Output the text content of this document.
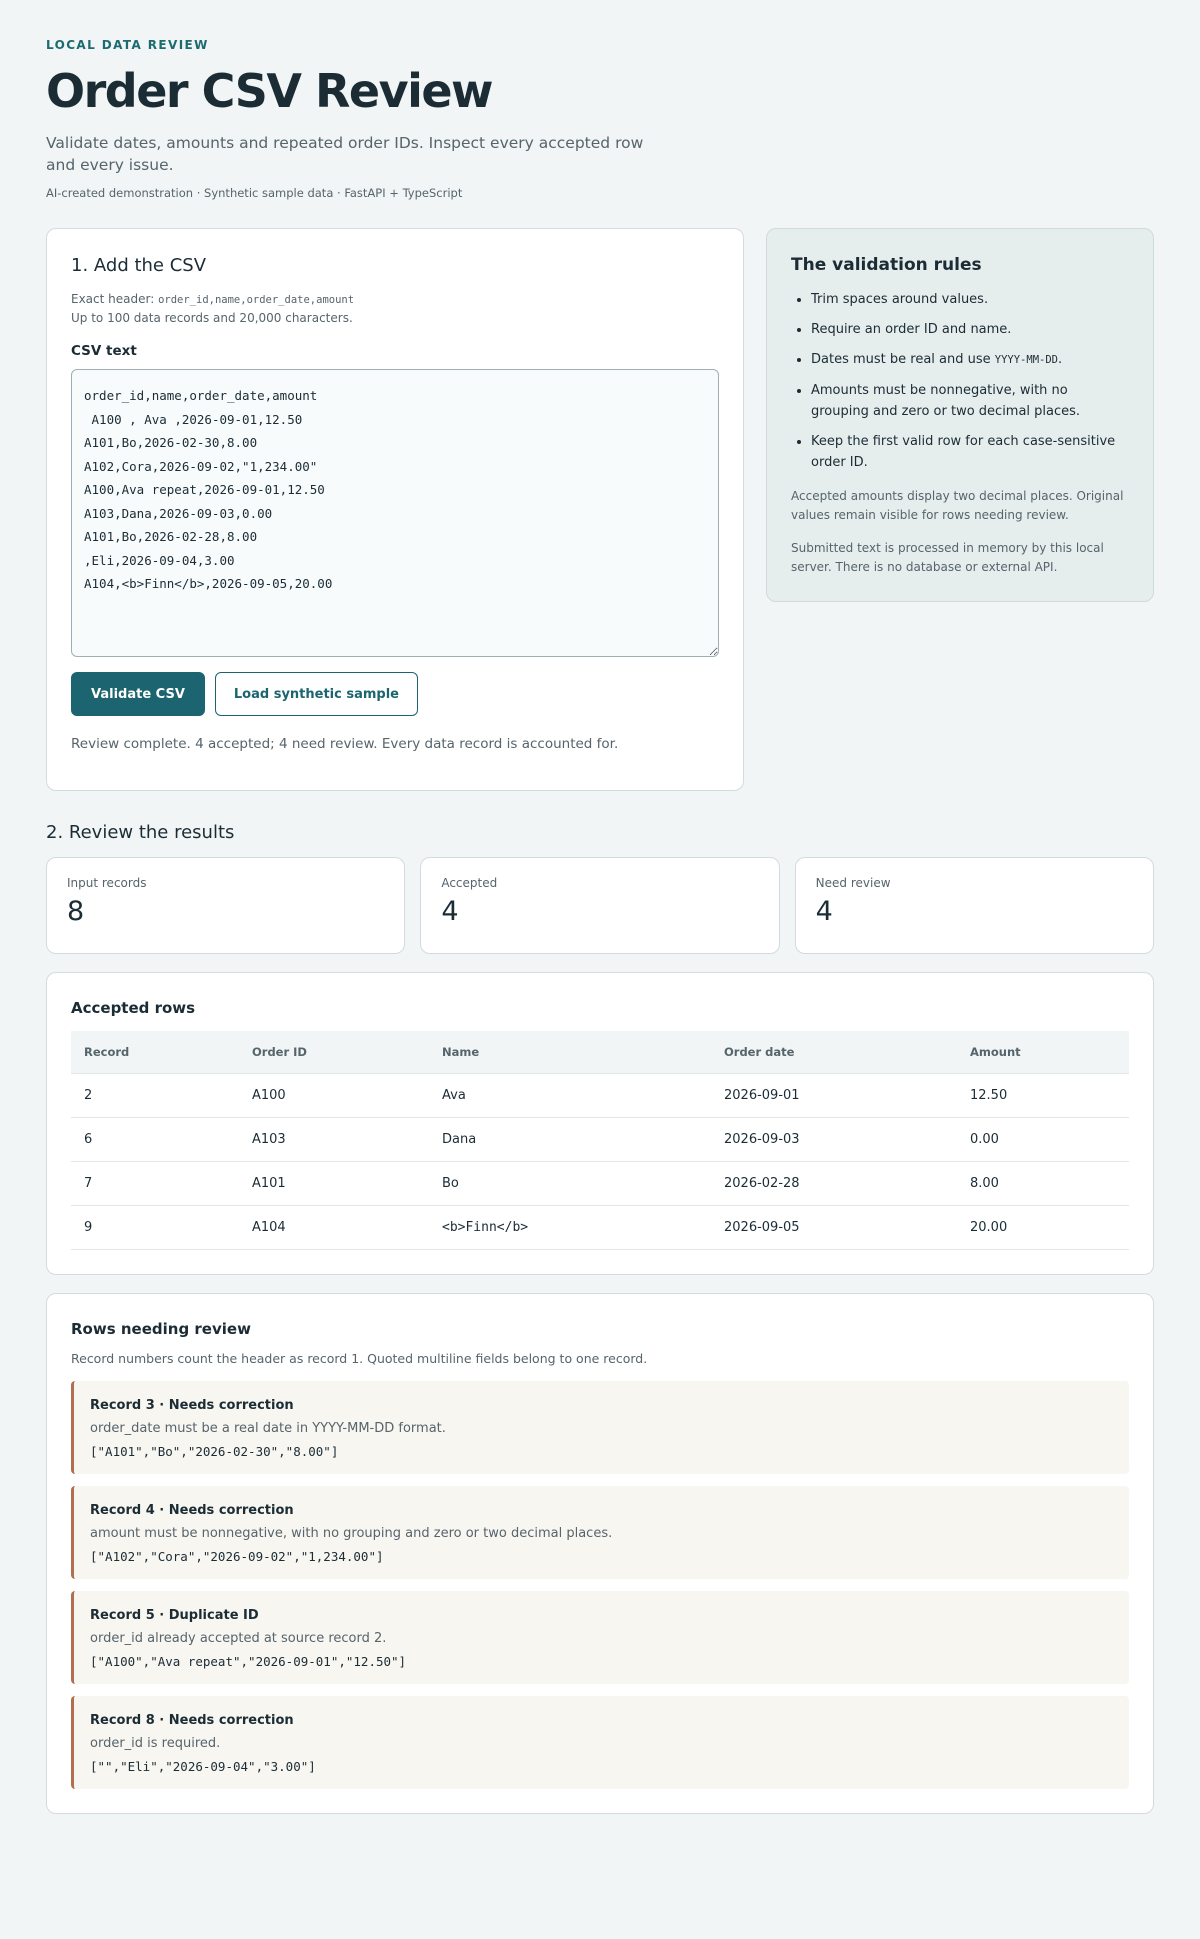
LOCAL DATA REVIEW
Order CSV Review

Validate dates, amounts and repeated order IDs. Inspect every accepted row and every issue.

AI-created demonstration · Synthetic sample data · FastAPI + TypeScript

1. Add the CSV

Exact header: order_id,name,order_date,amount
Up to 100 data records and 20,000 characters.

CSV text
order_id,name,order_date,amount A100 , Ava ,2026-09-01,12.50 A101,Bo,2026-02-30,8.00 A102,Cora,2026-09-02,"1,234.00" A100,Ava repeat,2026-09-01,12.50 A103,Dana,2026-09-03,0.00 A101,Bo,2026-02-28,8.00 ,Eli,2026-09-04,3.00 A104,<b>Finn</b>,2026-09-05,20.00
Validate CSV	Load synthetic sample

Review complete. 4 accepted; 4 need review. Every data record is accounted for.

The validation rules
• Trim spaces around values.
• Require an order ID and name.
• Dates must be real and use YYYY-MM-DD.
• Amounts must be nonnegative, with no grouping and zero or two decimal places.
• Keep the first valid row for each case-sensitive order ID.

Accepted amounts display two decimal places. Original values remain visible for rows needing review.

Submitted text is processed in memory by this local server. There is no database or external API.

2. Review the results
Input records
8
Accepted
4
Need review
4
Accepted rows
Record	Order ID	Name	Order date	Amount
2	A100	Ava	2026-09-01	12.50
6	A103	Dana	2026-09-03	0.00
7	A101	Bo	2026-02-28	8.00
9	A104	<b>Finn</b>	2026-09-05	20.00
Rows needing review

Record numbers count the header as record 1. Quoted multiline fields belong to one record.

Record 3 · Needs correction
order_date must be a real date in YYYY-MM-DD format.
["A101","Bo","2026-02-30","8.00"]
Record 4 · Needs correction
amount must be nonnegative, with no grouping and zero or two decimal places.
["A102","Cora","2026-09-02","1,234.00"]
Record 5 · Duplicate ID
order_id already accepted at source record 2.
["A100","Ava repeat","2026-09-01","12.50"]
Record 8 · Needs correction
order_id is required.
["","Eli","2026-09-04","3.00"]
